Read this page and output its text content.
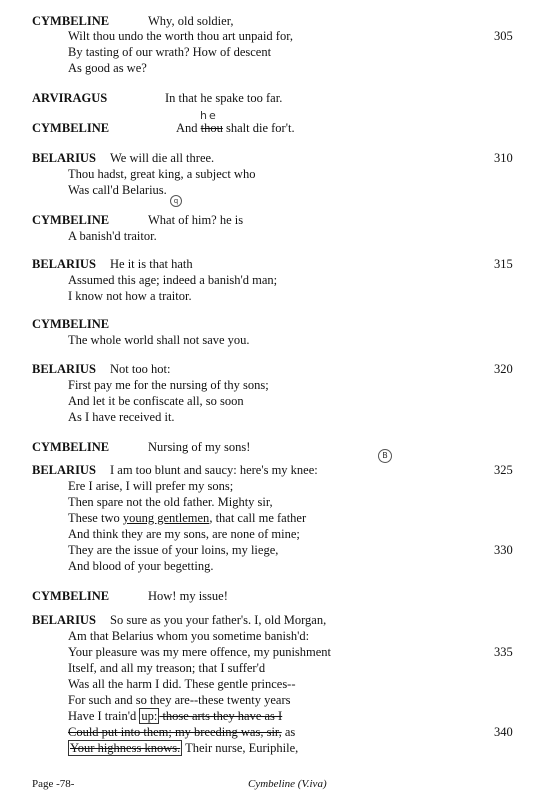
CYMBELINE	Why, old soldier,
Wilt thou undo the worth thou art unpaid for,	305
By tasting of our wrath? How of descent
As good as we?
ARVIRAGUS	In that he spake too far.
he
CYMBELINE	And thou shalt die for't.
BELARIUS We will die all three.	310
Thou hadst, great king, a subject who
Was call'd Belarius.
q
CYMBELINE	What of him? he is
A banish'd traitor.
BELARIUS He it is that hath	315
Assumed this age; indeed a banish'd man;
I know not how a traitor.
CYMBELINE
The whole world shall not save you.
BELARIUS Not too hot:	320
First pay me for the nursing of thy sons;
And let it be confiscate all, so soon
As I have received it.
CYMBELINE	Nursing of my sons!
B
BELARIUS I am too blunt and saucy: here's my knee:	325
Ere I arise, I will prefer my sons;
Then spare not the old father. Mighty sir,
These two young gentlemen, that call me father
And think they are my sons, are none of mine;
They are the issue of your loins, my liege,	330
And blood of your begetting.
CYMBELINE	How! my issue!
BELARIUS So sure as you your father's. I, old Morgan,
Am that Belarius whom you sometime banish'd:
Your pleasure was my mere offence, my punishment	335
Itself, and all my treason; that I suffer'd
Was all the harm I did. These gentle princes--
For such and so they are--these twenty years
Have I train'd up: those arts they have as I
Could put into them; my breeding was, sir, as	340
Your highness knows. Their nurse, Euriphile,
Page -78-	Cymbeline (V.iva)
